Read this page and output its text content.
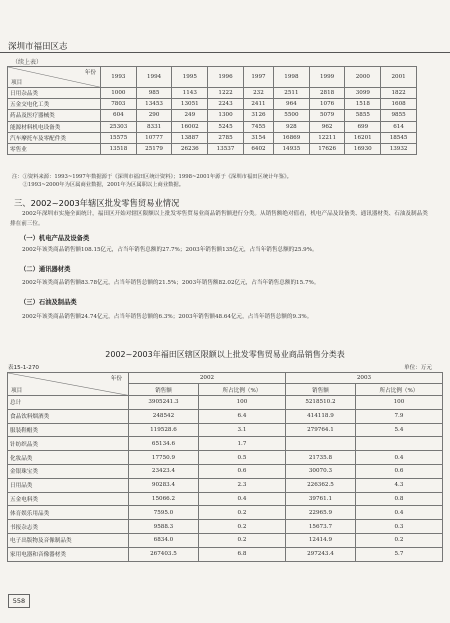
深圳市福田区志
（续上表）
年份
项目	1993	1994	1995	1996	1997	1998	1999	2000	2001
日用杂品类	1000	985	1143	1222	232	2511	2818	3099	1822
五金交电化工类	7803	13453	13051	2243	2411	964	1076	1518	1608
药品及医疗器械类	604	290	249	1300	3126	5500	5079	5855	9855
能源材料机电设备类	25303	8331	16002	5245	7455	928	962	699	614
汽车摩托车及零配件类	15575	10777	13887	2785	3154	16869	12211	16201	18545
零售业	13518	25179	26236	13537	6402	14935	17626	16930	13932
注：①资料来源：1993~1997年数据源于《深圳市福田区统计资料》；1998~2001年源于《深圳市福田区统计年鉴》。
　　②1993~2000年为区属商业数据，2001年为区属职以上商业数据。
三、2002~2003年辖区批发零售贸易业情况
2002年深圳市实施全面统计，福田区开始对辖区限额以上批发零售贸易业商品销售额进行分类。从销售额绝对值看，机电产品及设备类、通讯器材类、石油及制品类排在前三位。
（一）机电产品及设备类
2002年该类商品销售额108.15亿元，占当年销售总额的27.7%；2003年销售额135亿元，占当年销售总额的25.9%。
（二）通讯器材类
2002年该类商品销售额83.78亿元，占当年销售总额的21.5%；2003年销售额82.02亿元，占当年销售总额的15.7%。
（三）石油及制品类
2002年该类商品销售额24.74亿元，占当年销售总额的6.3%；2003年销售额48.64亿元，占当年销售总额的9.3%。
2002~2003年福田区辖区限额以上批发零售贸易业商品销售分类表
表15-1-270	单位：万元
年份
项目	2002		2003	
	销售额	所占比例（%）	销售额	所占比例（%）
总计	3905241.3	100	5218510.2	100
食品饮料烟酒类	248542	6.4	414118.9	7.9
服装鞋帽类	119528.6	3.1	279764.1	5.4
针纺织品类	65134.6	1.7		
化妆品类	17750.9	0.5	21735.8	0.4
金银珠宝类	23423.4	0.6	30070.3	0.6
日用品类	90283.4	2.3	226362.5	4.3
五金电料类	15066.2	0.4	39761.1	0.8
体育娱乐用品类	7595.0	0.2	22965.9	0.4
书报杂志类	9588.3	0.2	15673.7	0.3
电子出版物及音像制品类	6834.0	0.2	12414.9	0.2
家用电器和音像器材类	267403.5	6.8	297243.4	5.7
558
